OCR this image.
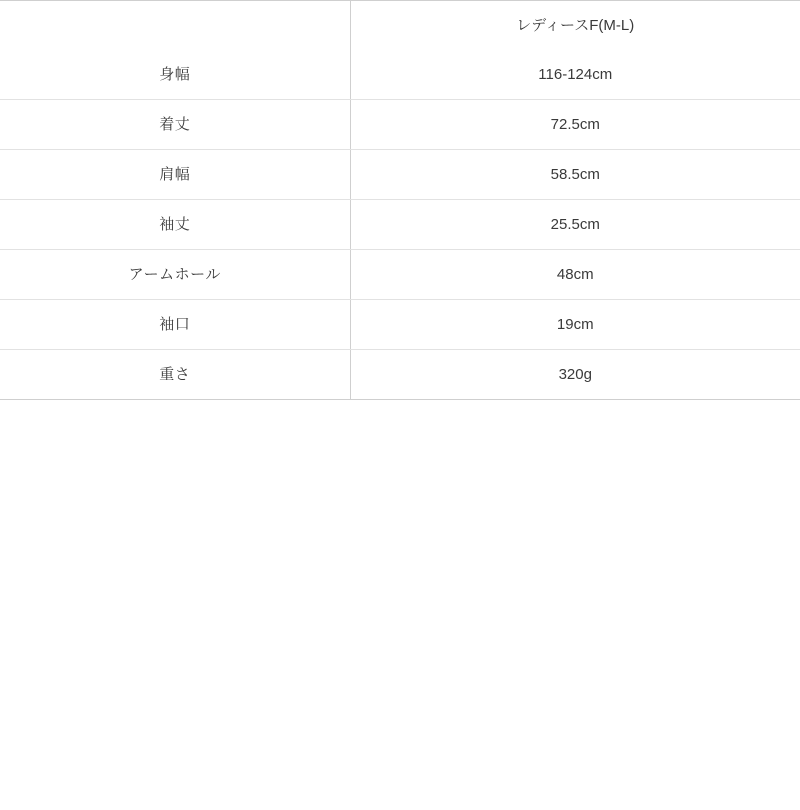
	レディースF(M-L)
身幅	116-124cm
着丈	72.5cm
肩幅	58.5cm
袖丈	25.5cm
アームホール	48cm
袖口	19cm
重さ	320g
